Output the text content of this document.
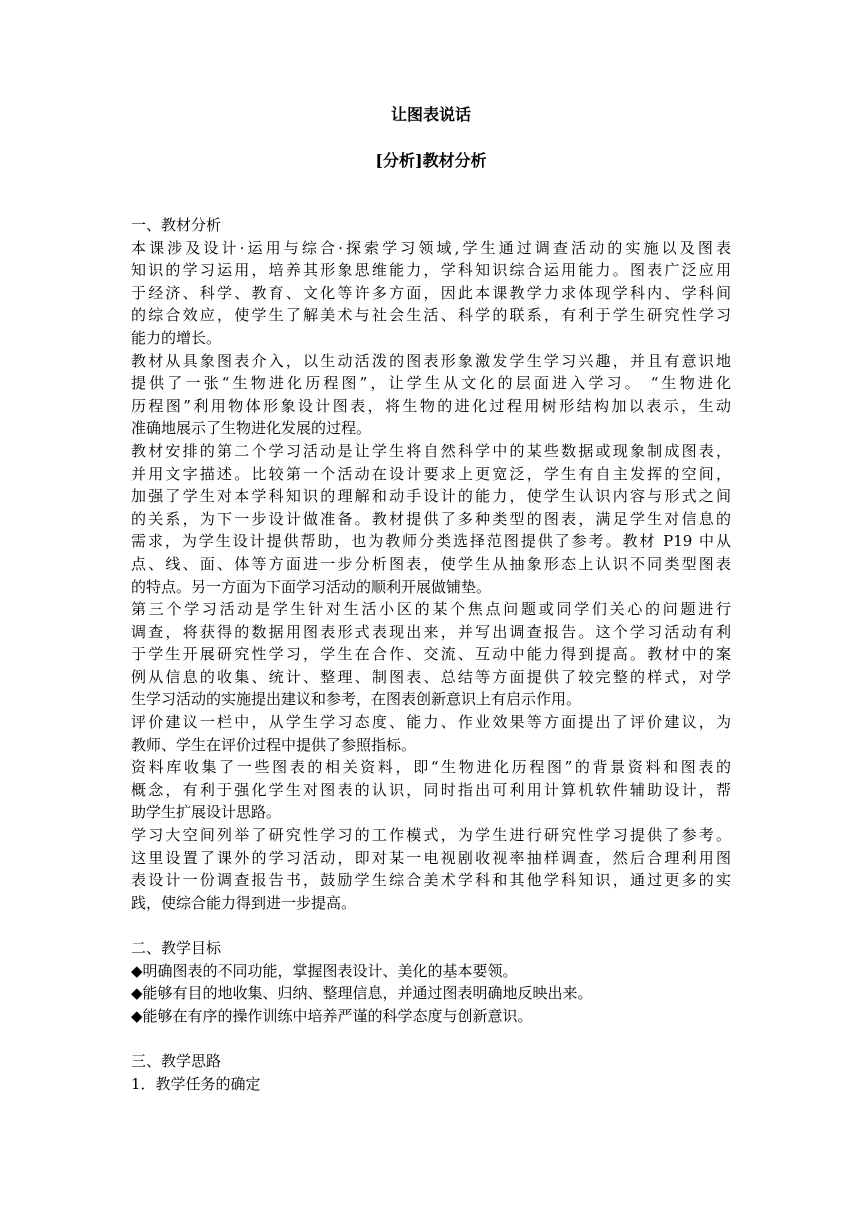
让图表说话
[分析]教材分析
一、教材分析
本课涉及设计·运用与综合·探索学习领域,学生通过调查活动的实施以及图表
知识的学习运用，培养其形象思维能力，学科知识综合运用能力。图表广泛应用
于经济、科学、教育、文化等许多方面，因此本课教学力求体现学科内、学科间
的综合效应，使学生了解美术与社会生活、科学的联系，有利于学生研究性学习
能力的增长。
教材从具象图表介入，以生动活泼的图表形象激发学生学习兴趣，并且有意识地
提供了一张“生物进化历程图”，让学生从文化的层面进入学习。 “生物进化
历程图”利用物体形象设计图表，将生物的进化过程用树形结构加以表示，生动
准确地展示了生物进化发展的过程。
教材安排的第二个学习活动是让学生将自然科学中的某些数据或现象制成图表，
并用文字描述。比较第一个活动在设计要求上更宽泛，学生有自主发挥的空间，
加强了学生对本学科知识的理解和动手设计的能力，使学生认识内容与形式之间
的关系，为下一步设计做准备。教材提供了多种类型的图表，满足学生对信息的
需求，为学生设计提供帮助，也为教师分类选择范图提供了参考。教材 P19 中从
点、线、面、体等方面进一步分析图表，使学生从抽象形态上认识不同类型图表
的特点。另一方面为下面学习活动的顺利开展做铺垫。
第三个学习活动是学生针对生活小区的某个焦点问题或同学们关心的问题进行
调查，将获得的数据用图表形式表现出来，并写出调查报告。这个学习活动有利
于学生开展研究性学习，学生在合作、交流、互动中能力得到提高。教材中的案
例从信息的收集、统计、整理、制图表、总结等方面提供了较完整的样式，对学
生学习活动的实施提出建议和参考，在图表创新意识上有启示作用。
评价建议一栏中，从学生学习态度、能力、作业效果等方面提出了评价建议，为
教师、学生在评价过程中提供了参照指标。
资料库收集了一些图表的相关资料，即“生物进化历程图”的背景资料和图表的
概念，有利于强化学生对图表的认识，同时指出可利用计算机软件辅助设计，帮
助学生扩展设计思路。
学习大空间列举了研究性学习的工作模式，为学生进行研究性学习提供了参考。
这里设置了课外的学习活动，即对某一电视剧收视率抽样调查，然后合理利用图
表设计一份调查报告书，鼓励学生综合美术学科和其他学科知识，通过更多的实
践，使综合能力得到进一步提高。
二、教学目标
◆明确图表的不同功能，掌握图表设计、美化的基本要领。
◆能够有目的地收集、归纳、整理信息，并通过图表明确地反映出来。
◆能够在有序的操作训练中培养严谨的科学态度与创新意识。
三、教学思路
1．教学任务的确定
